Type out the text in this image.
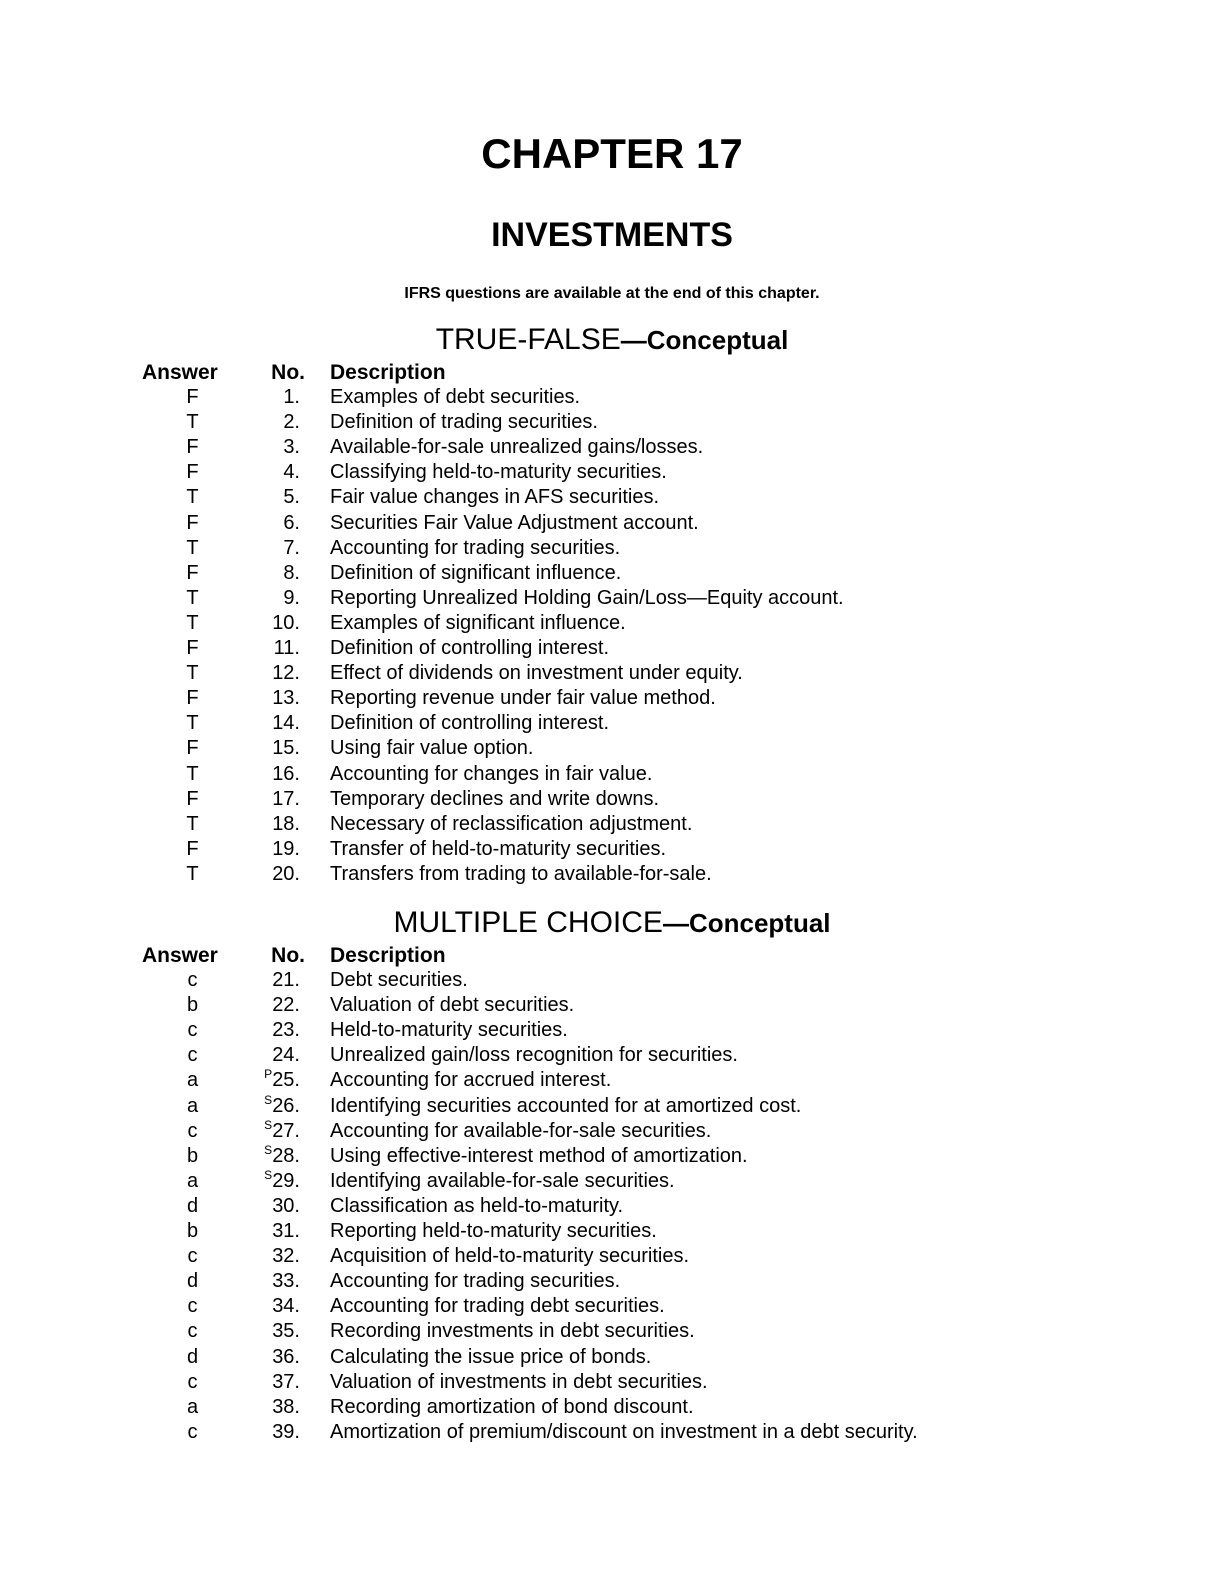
CHAPTER 17
INVESTMENTS
IFRS questions are available at the end of this chapter.
TRUE-FALSE—Conceptual
Answer	No. Description
F	1. Examples of debt securities.
T	2. Definition of trading securities.
F	3. Available-for-sale unrealized gains/losses.
F	4. Classifying held-to-maturity securities.
T	5. Fair value changes in AFS securities.
F	6. Securities Fair Value Adjustment account.
T	7. Accounting for trading securities.
F	8. Definition of significant influence.
T	9. Reporting Unrealized Holding Gain/Loss—Equity account.
T	10. Examples of significant influence.
F	11. Definition of controlling interest.
T	12. Effect of dividends on investment under equity.
F	13. Reporting revenue under fair value method.
T	14. Definition of controlling interest.
F	15. Using fair value option.
T	16. Accounting for changes in fair value.
F	17. Temporary declines and write downs.
T	18. Necessary of reclassification adjustment.
F	19. Transfer of held-to-maturity securities.
T	20. Transfers from trading to available-for-sale.
MULTIPLE CHOICE—Conceptual
Answer	No. Description
c	21. Debt securities.
b	22. Valuation of debt securities.
c	23. Held-to-maturity securities.
c	24. Unrealized gain/loss recognition for securities.
a	$^P$25. Accounting for accrued interest.
a	$^S$26. Identifying securities accounted for at amortized cost.
c	$^S$27. Accounting for available-for-sale securities.
b	$^S$28. Using effective-interest method of amortization.
a	$^S$29. Identifying available-for-sale securities.
d	30. Classification as held-to-maturity.
b	31. Reporting held-to-maturity securities.
c	32. Acquisition of held-to-maturity securities.
d	33. Accounting for trading securities.
c	34. Accounting for trading debt securities.
c	35. Recording investments in debt securities.
d	36. Calculating the issue price of bonds.
c	37. Valuation of investments in debt securities.
a	38. Recording amortization of bond discount.
c	39. Amortization of premium/discount on investment in a debt security.
